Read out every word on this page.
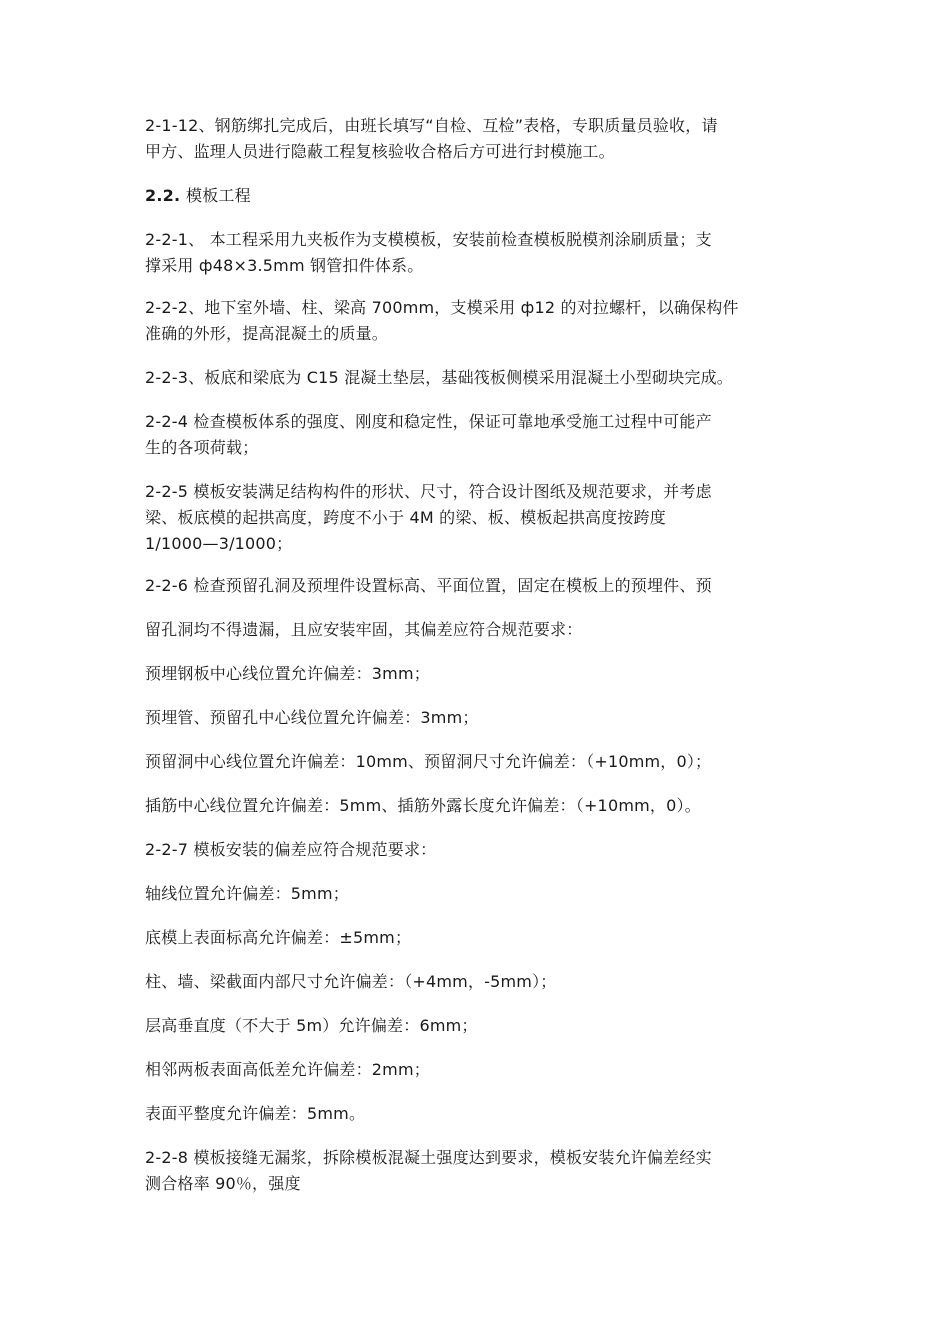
2-1-12、钢筋绑扎完成后，由班长填写“自检、互检”表格，专职质量员验收，请
甲方、监理人员进行隐蔽工程复核验收合格后方可进行封模施工。
2.2. 模板工程
2-2-1、 本工程采用九夹板作为支模模板，安装前检查模板脱模剂涂刷质量；支
撑采用 ф48×3.5mm 钢管扣件体系。
2-2-2、地下室外墙、柱、梁高 700mm，支模采用 ф12 的对拉螺杆，以确保构件
准确的外形，提高混凝土的质量。
2-2-3、板底和梁底为 C15 混凝土垫层，基础筏板侧模采用混凝土小型砌块完成。
2-2-4 检查模板体系的强度、刚度和稳定性，保证可靠地承受施工过程中可能产
生的各项荷载；
2-2-5 模板安装满足结构构件的形状、尺寸，符合设计图纸及规范要求，并考虑
梁、板底模的起拱高度，跨度不小于 4M 的梁、板、模板起拱高度按跨度
1/1000—3/1000；
2-2-6 检查预留孔洞及预埋件设置标高、平面位置，固定在模板上的预埋件、预
留孔洞均不得遗漏，且应安装牢固，其偏差应符合规范要求：
预埋钢板中心线位置允许偏差：3mm；
预埋管、预留孔中心线位置允许偏差：3mm；
预留洞中心线位置允许偏差：10mm、预留洞尺寸允许偏差：（+10mm，0）；
插筋中心线位置允许偏差：5mm、插筋外露长度允许偏差：（+10mm，0）。
2-2-7 模板安装的偏差应符合规范要求：
轴线位置允许偏差：5mm；
底模上表面标高允许偏差：±5mm；
柱、墙、梁截面内部尺寸允许偏差：（+4mm，-5mm）；
层高垂直度（不大于 5m）允许偏差：6mm；
相邻两板表面高低差允许偏差：2mm；
表面平整度允许偏差：5mm。
2-2-8 模板接缝无漏浆，拆除模板混凝土强度达到要求，模板安装允许偏差经实
测合格率 90％，强度
